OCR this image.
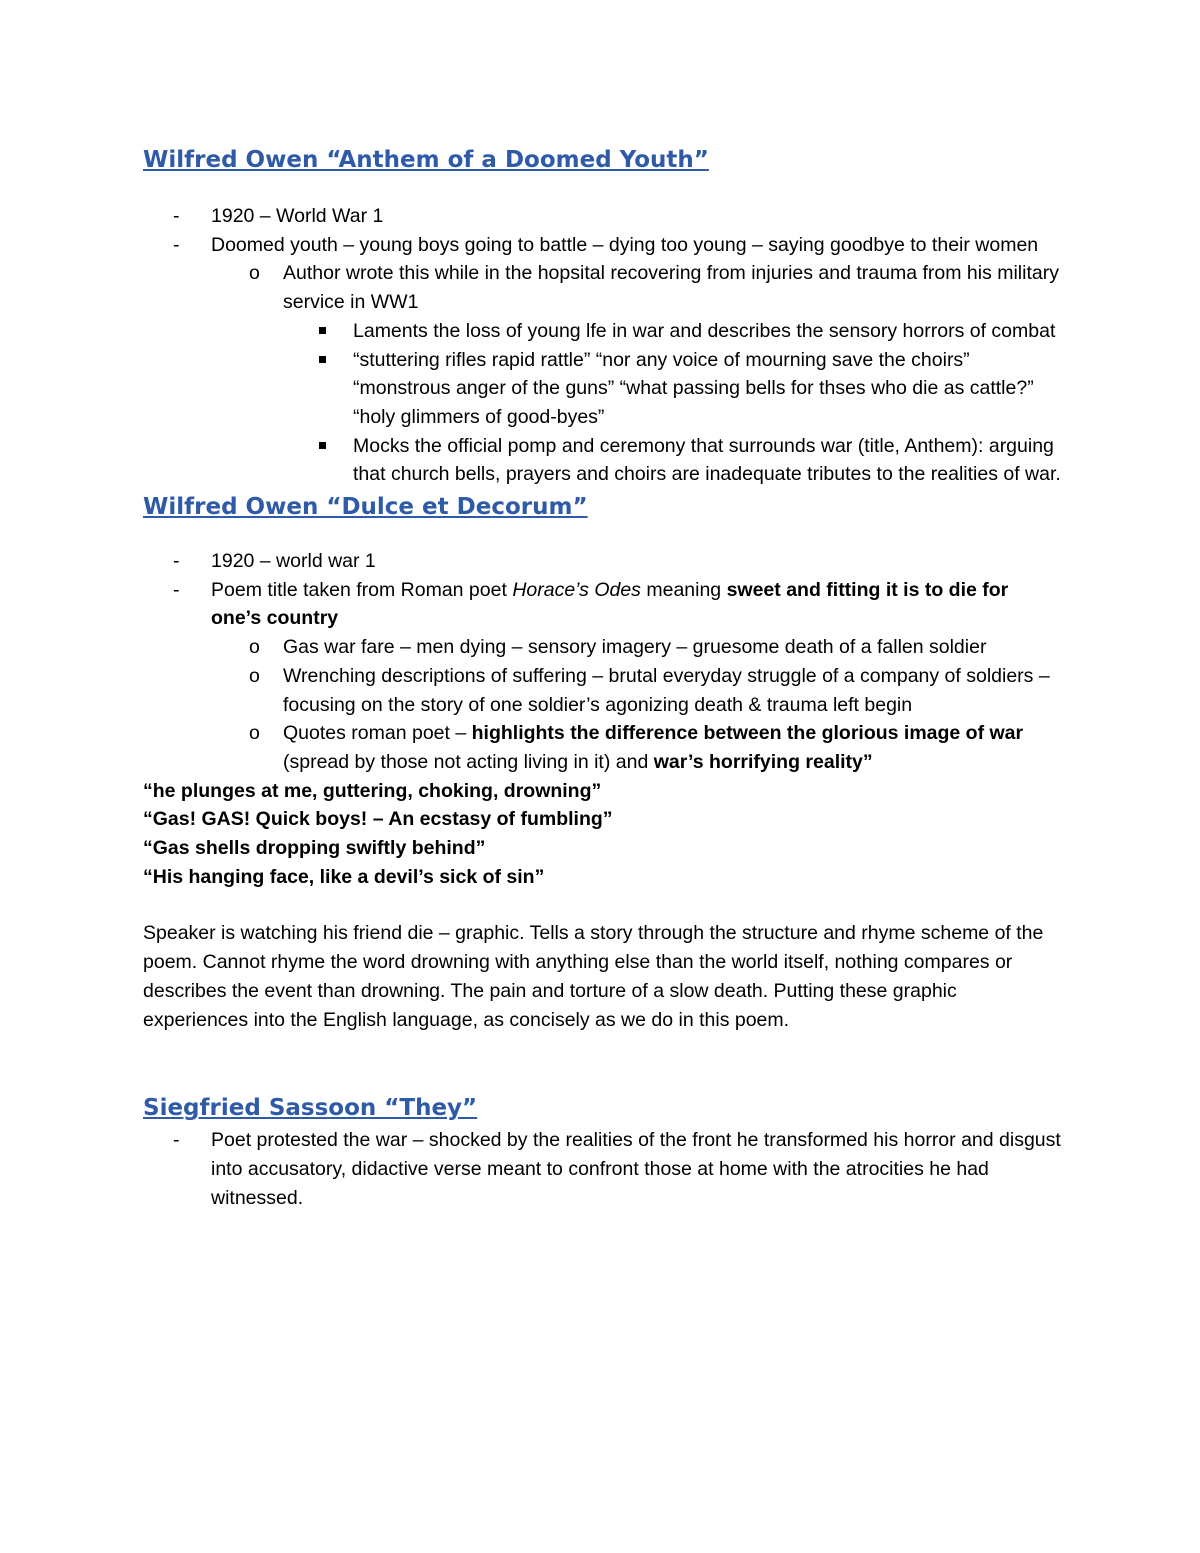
Wilfred Owen “Anthem of a Doomed Youth”
-	1920 – World War 1
-	Doomed youth – young boys going to battle – dying too young – saying goodbye to their women
o Author wrote this while in the hopsital recovering from injuries and trauma from his military service in WW1
Laments the loss of young lfe in war and describes the sensory horrors of combat
“stuttering rifles rapid rattle” “nor any voice of mourning save the choirs” “monstrous anger of the guns” “what passing bells for thses who die as cattle?” “holy glimmers of good-byes”
Mocks the official pomp and ceremony that surrounds war (title, Anthem): arguing that church bells, prayers and choirs are inadequate tributes to the realities of war.
Wilfred Owen “Dulce et Decorum”
-	1920 – world war 1
-	Poem title taken from Roman poet Horace’s Odes meaning sweet and fitting it is to die for one’s country
o Gas war fare – men dying – sensory imagery – gruesome death of a fallen soldier
o Wrenching descriptions of suffering – brutal everyday struggle of a company of soldiers – focusing on the story of one soldier’s agonizing death & trauma left begin
o Quotes roman poet – highlights the difference between the glorious image of war (spread by those not acting living in it) and war’s horrifying reality”
“he plunges at me, guttering, choking, drowning”
“Gas! GAS! Quick boys! – An ecstasy of fumbling”
“Gas shells dropping swiftly behind”
“His hanging face, like a devil’s sick of sin”

Speaker is watching his friend die – graphic. Tells a story through the structure and rhyme scheme of the poem. Cannot rhyme the word drowning with anything else than the world itself, nothing compares or describes the event than drowning. The pain and torture of a slow death. Putting these graphic experiences into the English language, as concisely as we do in this poem.

Siegfried Sassoon “They”
-	Poet protested the war – shocked by the realities of the front he transformed his horror and disgust into accusatory, didactive verse meant to confront those at home with the atrocities he had witnessed.
